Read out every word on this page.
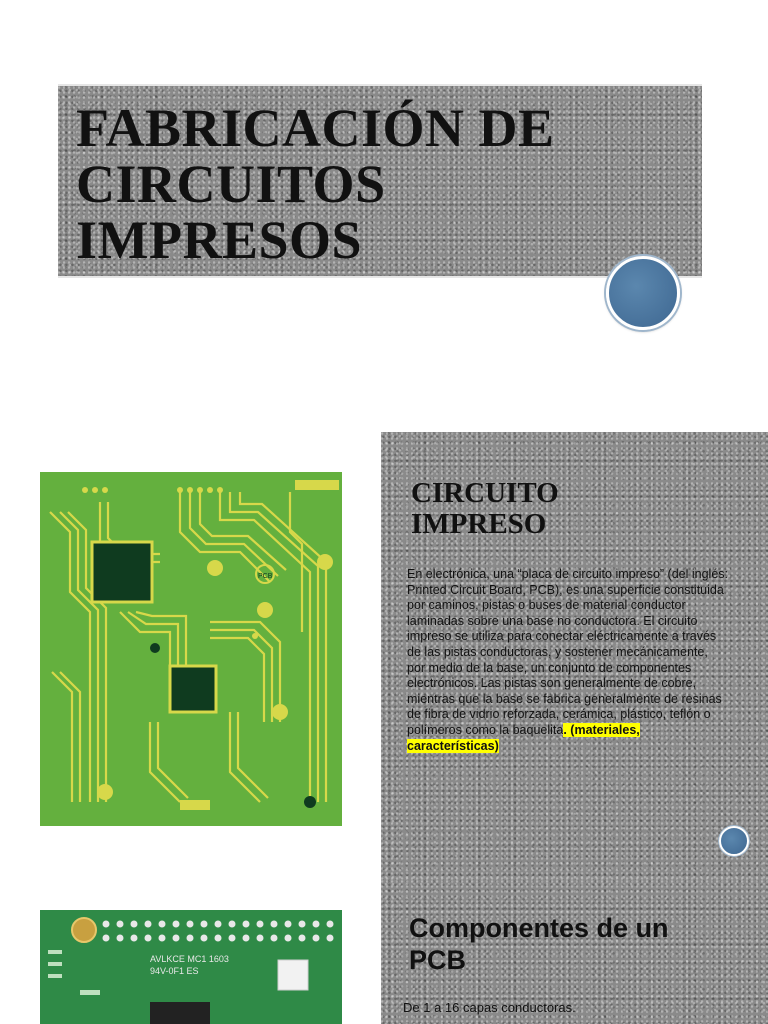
FABRICACIÓN DE
CIRCUITOS
IMPRESOS
PCB
CIRCUITO
IMPRESO

En electrónica, una “placa de circuito impreso” (del inglés: Printed Circuit Board, PCB), es una superficie constituida por caminos, pistas o buses de material conductor laminadas sobre una base no conductora. El circuito impreso se utiliza para conectar eléctricamente a través de las pistas conductoras, y sostener mecánicamente, por medio de la base, un conjunto de componentes electrónicos. Las pistas son generalmente de cobre, mientras que la base se fabrica generalmente de resinas de fibra de vidrio reforzada, cerámica, plástico, teflón o polímeros como la baquelita. (materiales, características)

AVLKCE MC1 1603
94V-0F1 ES
Componentes de un
PCB

De 1 a 16 capas conductoras.
